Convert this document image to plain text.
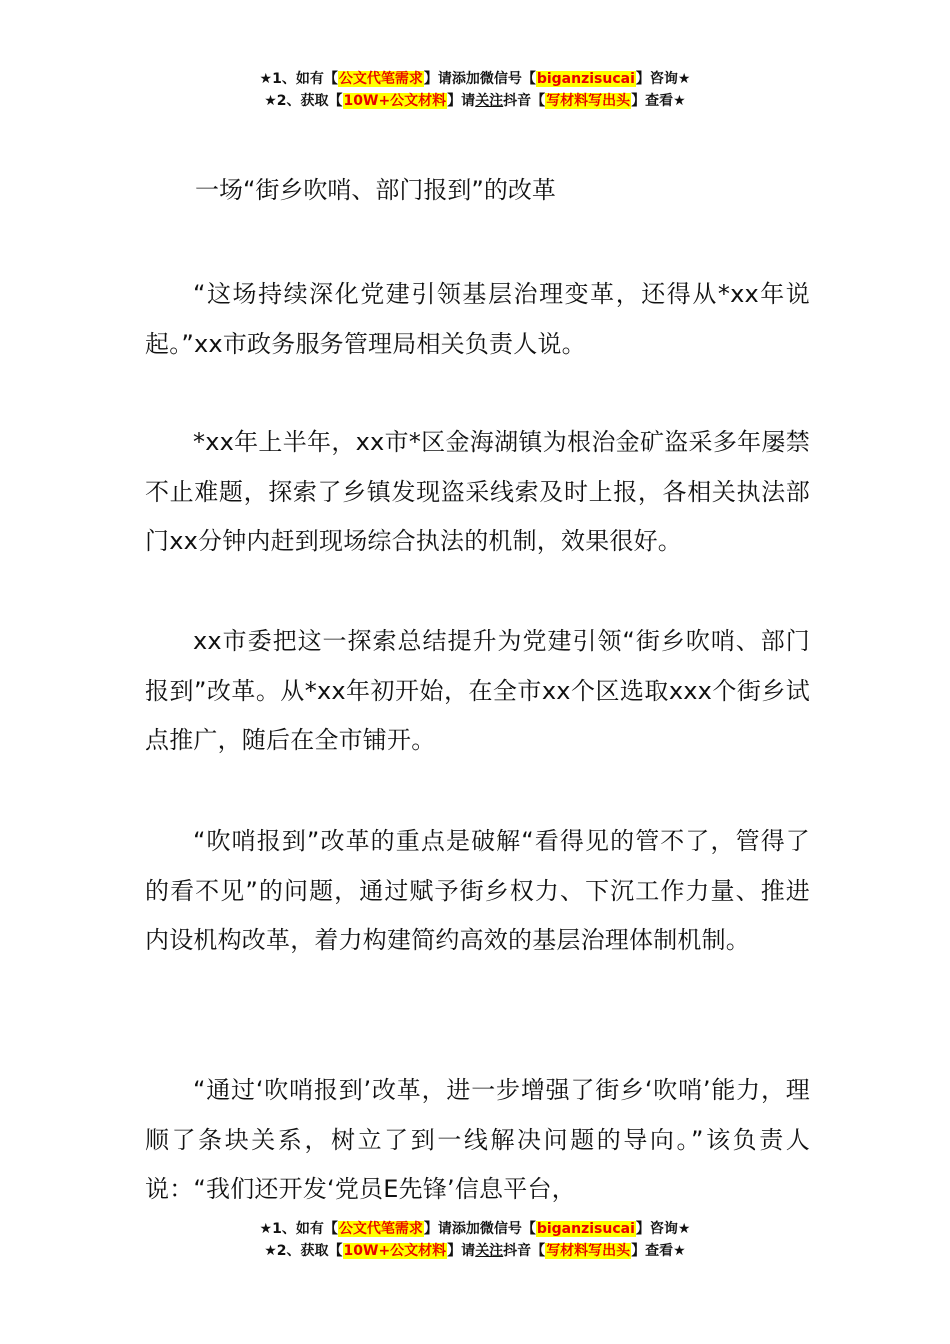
★1、如有【公文代笔需求】请添加微信号【biganzisucai】咨询★
★2、获取【10W+公文材料】请关注抖音【写材料写出头】查看★
一场“街乡吹哨、部门报到”的改革

“这场持续深化党建引领基层治理变革，还得从*xx年说起。”xx市政务服务管理局相关负责人说。

*xx年上半年，xx市*区金海湖镇为根治金矿盗采多年屡禁不止难题，探索了乡镇发现盗采线索及时上报，各相关执法部门xx分钟内赶到现场综合执法的机制，效果很好。

xx市委把这一探索总结提升为党建引领“街乡吹哨、部门报到”改革。从*xx年初开始，在全市xx个区选取xxx个街乡试点推广，随后在全市铺开。

“吹哨报到”改革的重点是破解“看得见的管不了，管得了的看不见”的问题，通过赋予街乡权力、下沉工作力量、推进内设机构改革，着力构建简约高效的基层治理体制机制。

“通过‘吹哨报到’改革，进一步增强了街乡‘吹哨’能力，理顺了条块关系，树立了到一线解决问题的导向。”该负责人说：“我们还开发‘党员E先锋’信息平台，

★1、如有【公文代笔需求】请添加微信号【biganzisucai】咨询★
★2、获取【10W+公文材料】请关注抖音【写材料写出头】查看★
